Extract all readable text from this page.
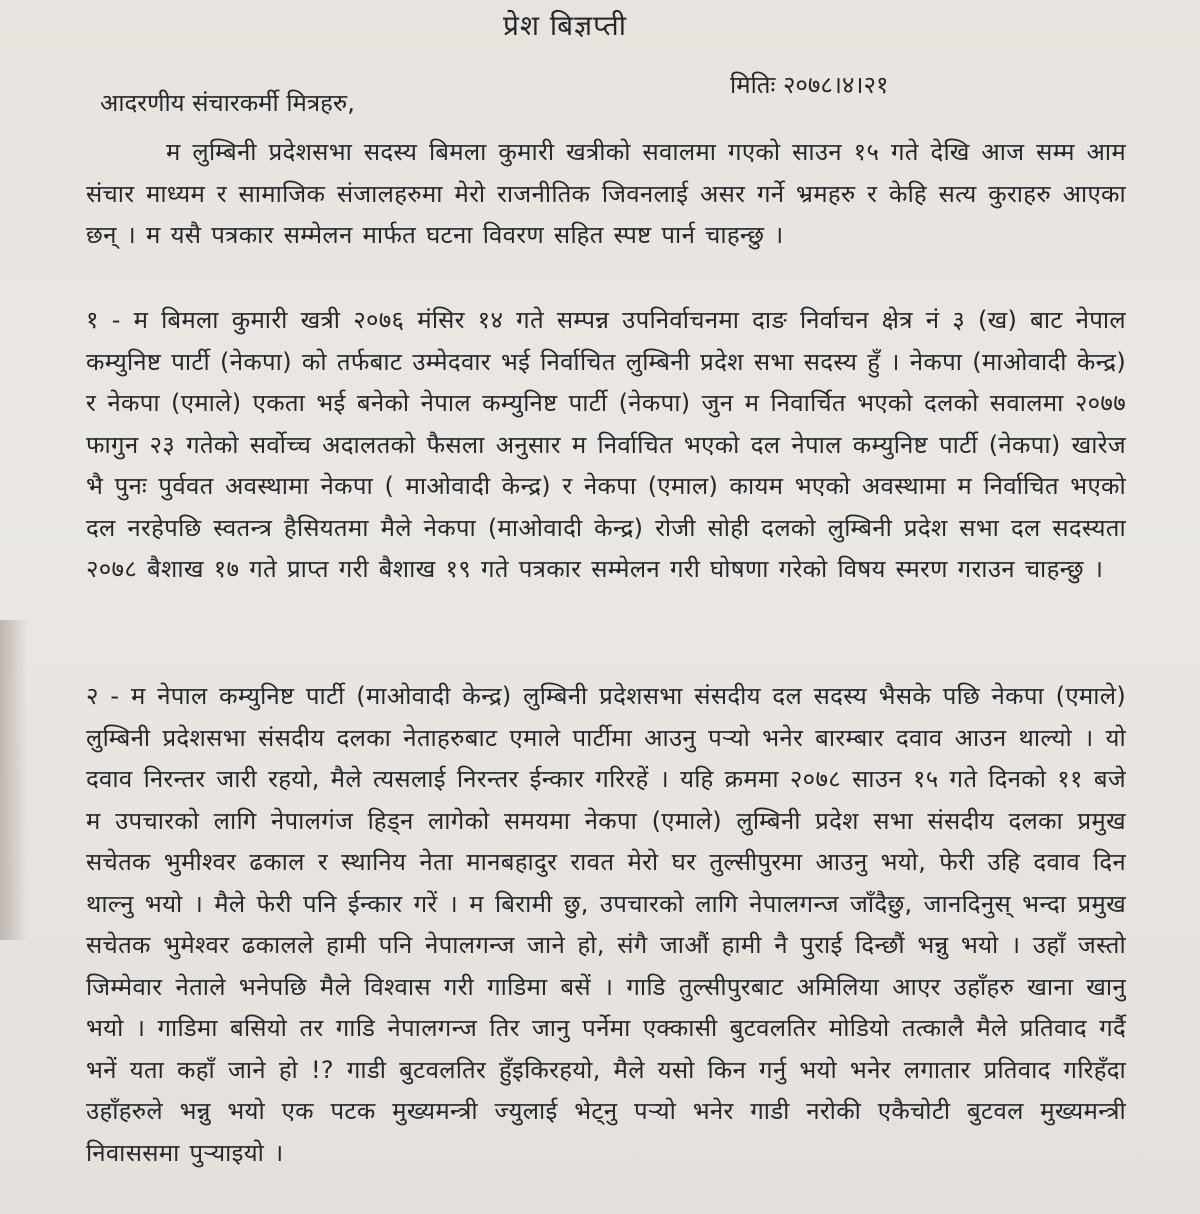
प्रेश बिज्ञप्ती
मितिः २०७८।४।२१
आदरणीय संचारकर्मी मित्रहरु,
म लुम्बिनी प्रदेशसभा सदस्य बिमला कुमारी खत्रीको सवालमा गएको साउन १५ गते देखि आज सम्म आम संचार माध्यम र सामाजिक संजालहरुमा मेरो राजनीतिक जिवनलाई असर गर्ने भ्रमहरु र केहि सत्य कुराहरु आएका छन् । म यसै पत्रकार सम्मेलन मार्फत घटना विवरण सहित स्पष्ट पार्न चाहन्छु ।
१ - म बिमला कुमारी खत्री २०७६ मंसिर १४ गते सम्पन्न उपनिर्वाचनमा दाङ निर्वाचन क्षेत्र नं ३ (ख) बाट नेपाल कम्युनिष्ट पार्टी (नेकपा) को तर्फबाट उम्मेदवार भई निर्वाचित लुम्बिनी प्रदेश सभा सदस्य हुँ । नेकपा (माओवादी केन्द्र) र नेकपा (एमाले) एकता भई बनेको नेपाल कम्युनिष्ट पार्टी (नेकपा) जुन म निवार्चित भएको दलको सवालमा २०७७ फागुन २३ गतेको सर्वोच्च अदालतको फैसला अनुसार म निर्वाचित भएको दल नेपाल कम्युनिष्ट पार्टी (नेकपा) खारेज भै पुनः पुर्ववत अवस्थामा नेकपा ( माओवादी केन्द्र) र नेकपा (एमाल) कायम भएको अवस्थामा म निर्वाचित भएको दल नरहेपछि स्वतन्त्र हैसियतमा मैले नेकपा (माओवादी केन्द्र) रोजी सोही दलको लुम्बिनी प्रदेश सभा दल सदस्यता २०७८ बैशाख १७ गते प्राप्त गरी बैशाख १९ गते पत्रकार सम्मेलन गरी घोषणा गरेको विषय स्मरण गराउन चाहन्छु ।
२ - म नेपाल कम्युनिष्ट पार्टी (माओवादी केन्द्र) लुम्बिनी प्रदेशसभा संसदीय दल सदस्य भैसके पछि नेकपा (एमाले) लुम्बिनी प्रदेशसभा संसदीय दलका नेताहरुबाट एमाले पार्टीमा आउनु पऱ्यो भनेर बारम्बार दवाव आउन थाल्यो । यो दवाव निरन्तर जारी रहयो, मैले त्यसलाई निरन्तर ईन्कार गरिरहें । यहि क्रममा २०७८ साउन १५ गते दिनको ११ बजे म उपचारको लागि नेपालगंज हिड्न लागेको समयमा नेकपा (एमाले) लुम्बिनी प्रदेश सभा संसदीय दलका प्रमुख सचेतक भुमीश्वर ढकाल र स्थानिय नेता मानबहादुर रावत मेरो घर तुल्सीपुरमा आउनु भयो, फेरी उहि दवाव दिन थाल्नु भयो । मैले फेरी पनि ईन्कार गरें । म बिरामी छु, उपचारको लागि नेपालगन्ज जाँदैछु, जानदिनुस् भन्दा प्रमुख सचेतक भुमेश्वर ढकालले हामी पनि नेपालगन्ज जाने हो, संगै जाऔं हामी नै पुराई दिन्छौं भन्नु भयो । उहाँ जस्तो जिम्मेवार नेताले भनेपछि मैले विश्वास गरी गाडिमा बसें । गाडि तुल्सीपुरबाट अमिलिया आएर उहाँहरु खाना खानु भयो । गाडिमा बसियो तर गाडि नेपालगन्ज तिर जानु पर्नेमा एक्कासी बुटवलतिर मोडियो तत्कालै मैले प्रतिवाद गर्दै भनें यता कहाँ जाने हो !? गाडी बुटवलतिर हुँइकिरहयो, मैले यसो किन गर्नु भयो भनेर लगातार प्रतिवाद गरिहँदा उहाँहरुले भन्नु भयो एक पटक मुख्यमन्त्री ज्युलाई भेट्नु पऱ्यो भनेर गाडी नरोकी एकैचोटी बुटवल मुख्यमन्त्री निवाससमा पुऱ्याइयो ।
